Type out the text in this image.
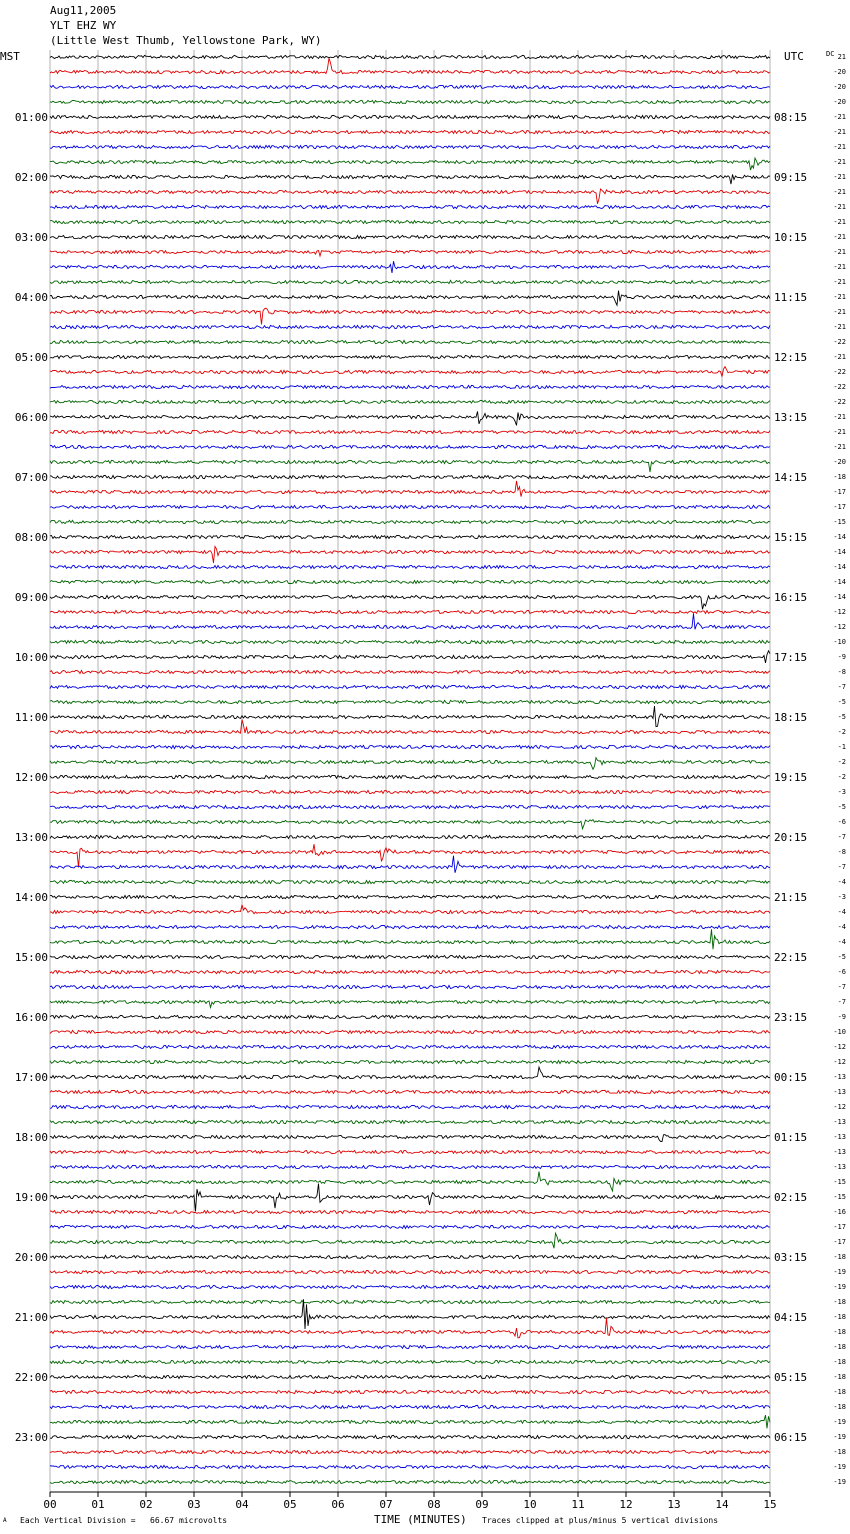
01:00
02:00
03:00
04:00
05:00
06:00
07:00
08:00
09:00
10:00
11:00
12:00
13:00
14:00
15:00
16:00
17:00
18:00
19:00
20:00
21:00
22:00
23:00
08:15
09:15
10:15
11:15
12:15
13:15
14:15
15:15
16:15
17:15
18:15
19:15
20:15
21:15
22:15
23:15
00:15
01:15
02:15
03:15
04:15
05:15
06:15
21
-20
-20
-20
-21
-21
-21
-21
-21
-21
-21
-21
-21
-21
-21
-21
-21
-21
-21
-22
-21
-22
-22
-22
-21
-21
-21
-20
-18
-17
-17
-15
-14
-14
-14
-14
-14
-12
-12
-10
-9
-8
-7
-5
-5
-2
-1
-2
-2
-3
-5
-6
-7
-8
-7
-4
-3
-4
-4
-4
-5
-6
-7
-7
-9
-10
-12
-12
-13
-13
-12
-13
-13
-13
-13
-15
-15
-16
-17
-17
-18
-19
-19
-18
-18
-18
-18
-18
-18
-18
-18
-19
-19
-18
-19
-19
00	01	02	03	04	05	06	07	08	09	10	11	12	13	14	15
Aug11,2005
YLT EHZ WY
(Little West Thumb, Yellowstone Park, WY)
MST	UTC	DC
A Each Vertical Division =   66.67 microvolts	TIME (MINUTES) Traces clipped at plus/minus 5 vertical divisions
